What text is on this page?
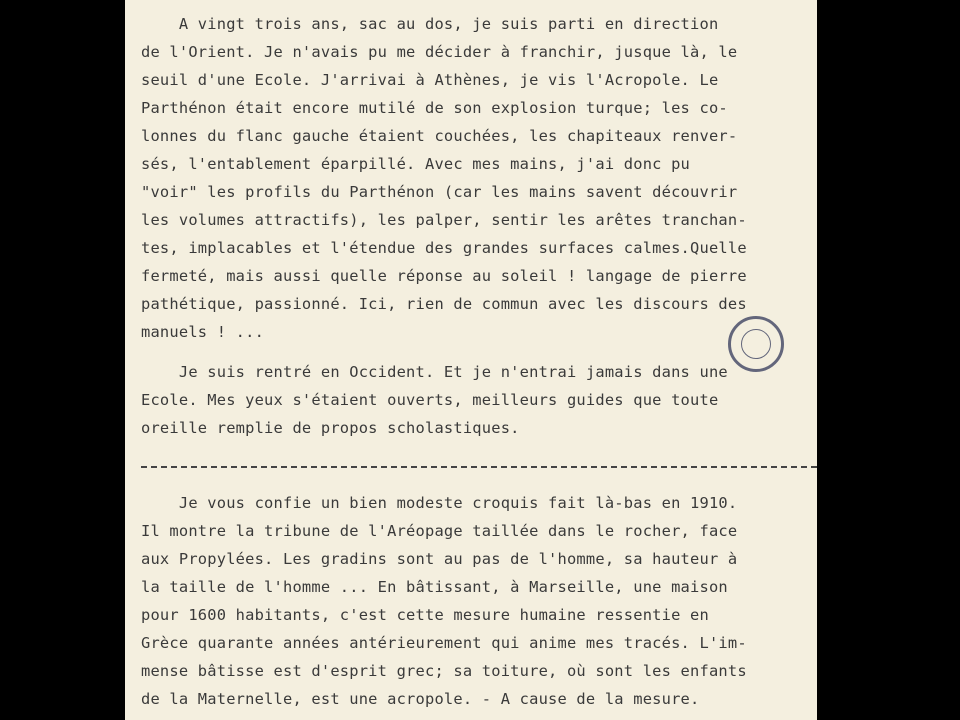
A vingt trois ans, sac au dos, je suis parti en direction
de l'Orient. Je n'avais pu me décider à franchir, jusque là, le
seuil d'une Ecole. J'arrivai à Athènes, je vis l'Acropole. Le
Parthénon était encore mutilé de son explosion turque; les co-
lonnes du flanc gauche étaient couchées, les chapiteaux renver-
sés, l'entablement éparpillé. Avec mes mains, j'ai donc pu
"voir" les profils du Parthénon (car les mains savent découvrir
les volumes attractifs), les palper, sentir les arêtes tranchan-
tes, implacables et l'étendue des grandes surfaces calmes.Quelle
fermeté, mais aussi quelle réponse au soleil ! langage de pierre
pathétique, passionné. Ici, rien de commun avec les discours des
manuels ! ...
Je suis rentré en Occident. Et je n'entrai jamais dans une
Ecole. Mes yeux s'étaient ouverts, meilleurs guides que toute
oreille remplie de propos scholastiques.
Je vous confie un bien modeste croquis fait là-bas en 1910.
Il montre la tribune de l'Aréopage taillée dans le rocher, face
aux Propylées. Les gradins sont au pas de l'homme, sa hauteur à
la taille de l'homme ... En bâtissant, à Marseille, une maison
pour 1600 habitants, c'est cette mesure humaine ressentie en
Grèce quarante années antérieurement qui anime mes tracés. L'im-
mense bâtisse est d'esprit grec; sa toiture, où sont les enfants
de la Maternelle, est une acropole. - A cause de la mesure.
